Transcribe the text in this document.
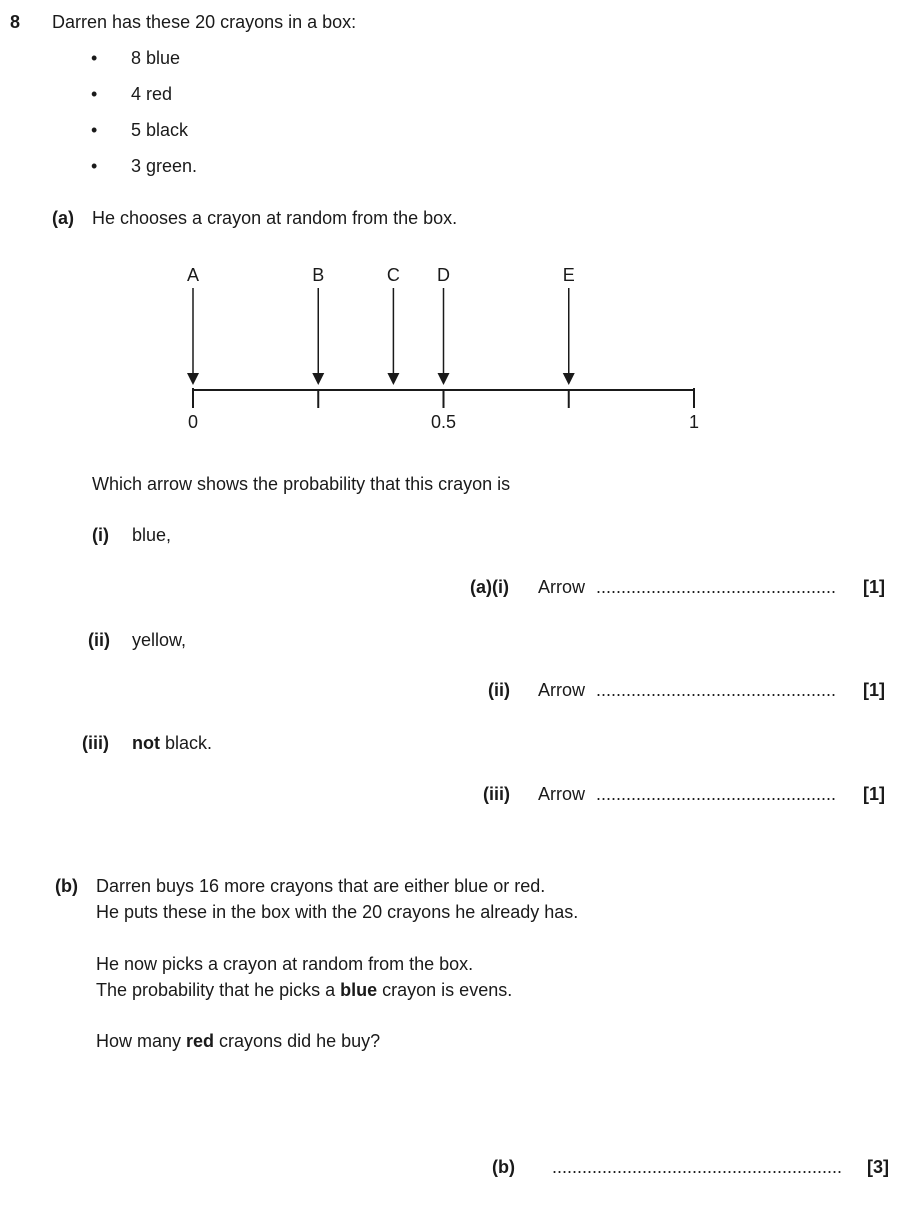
8 Darren has these 20 crayons in a box:
• 8 blue
• 4 red
• 5 black
• 3 green.
(a) He chooses a crayon at random from the box.
0	0.5	1
A	B	C D	E
Which arrow shows the probability that this crayon is
(i) blue,
(a)(i) Arrow ................................................	[1]
(ii) yellow,
(ii) Arrow ................................................	[1]
(iii) not black.
(iii) Arrow ................................................	[1]
(b) Darren buys 16 more crayons that are either blue or red.
He puts these in the box with the 20 crayons he already has.
He now picks a crayon at random from the box.
The probability that he picks a blue crayon is evens.
How many red crayons did he buy?
(b) ..........................................................	[3]
